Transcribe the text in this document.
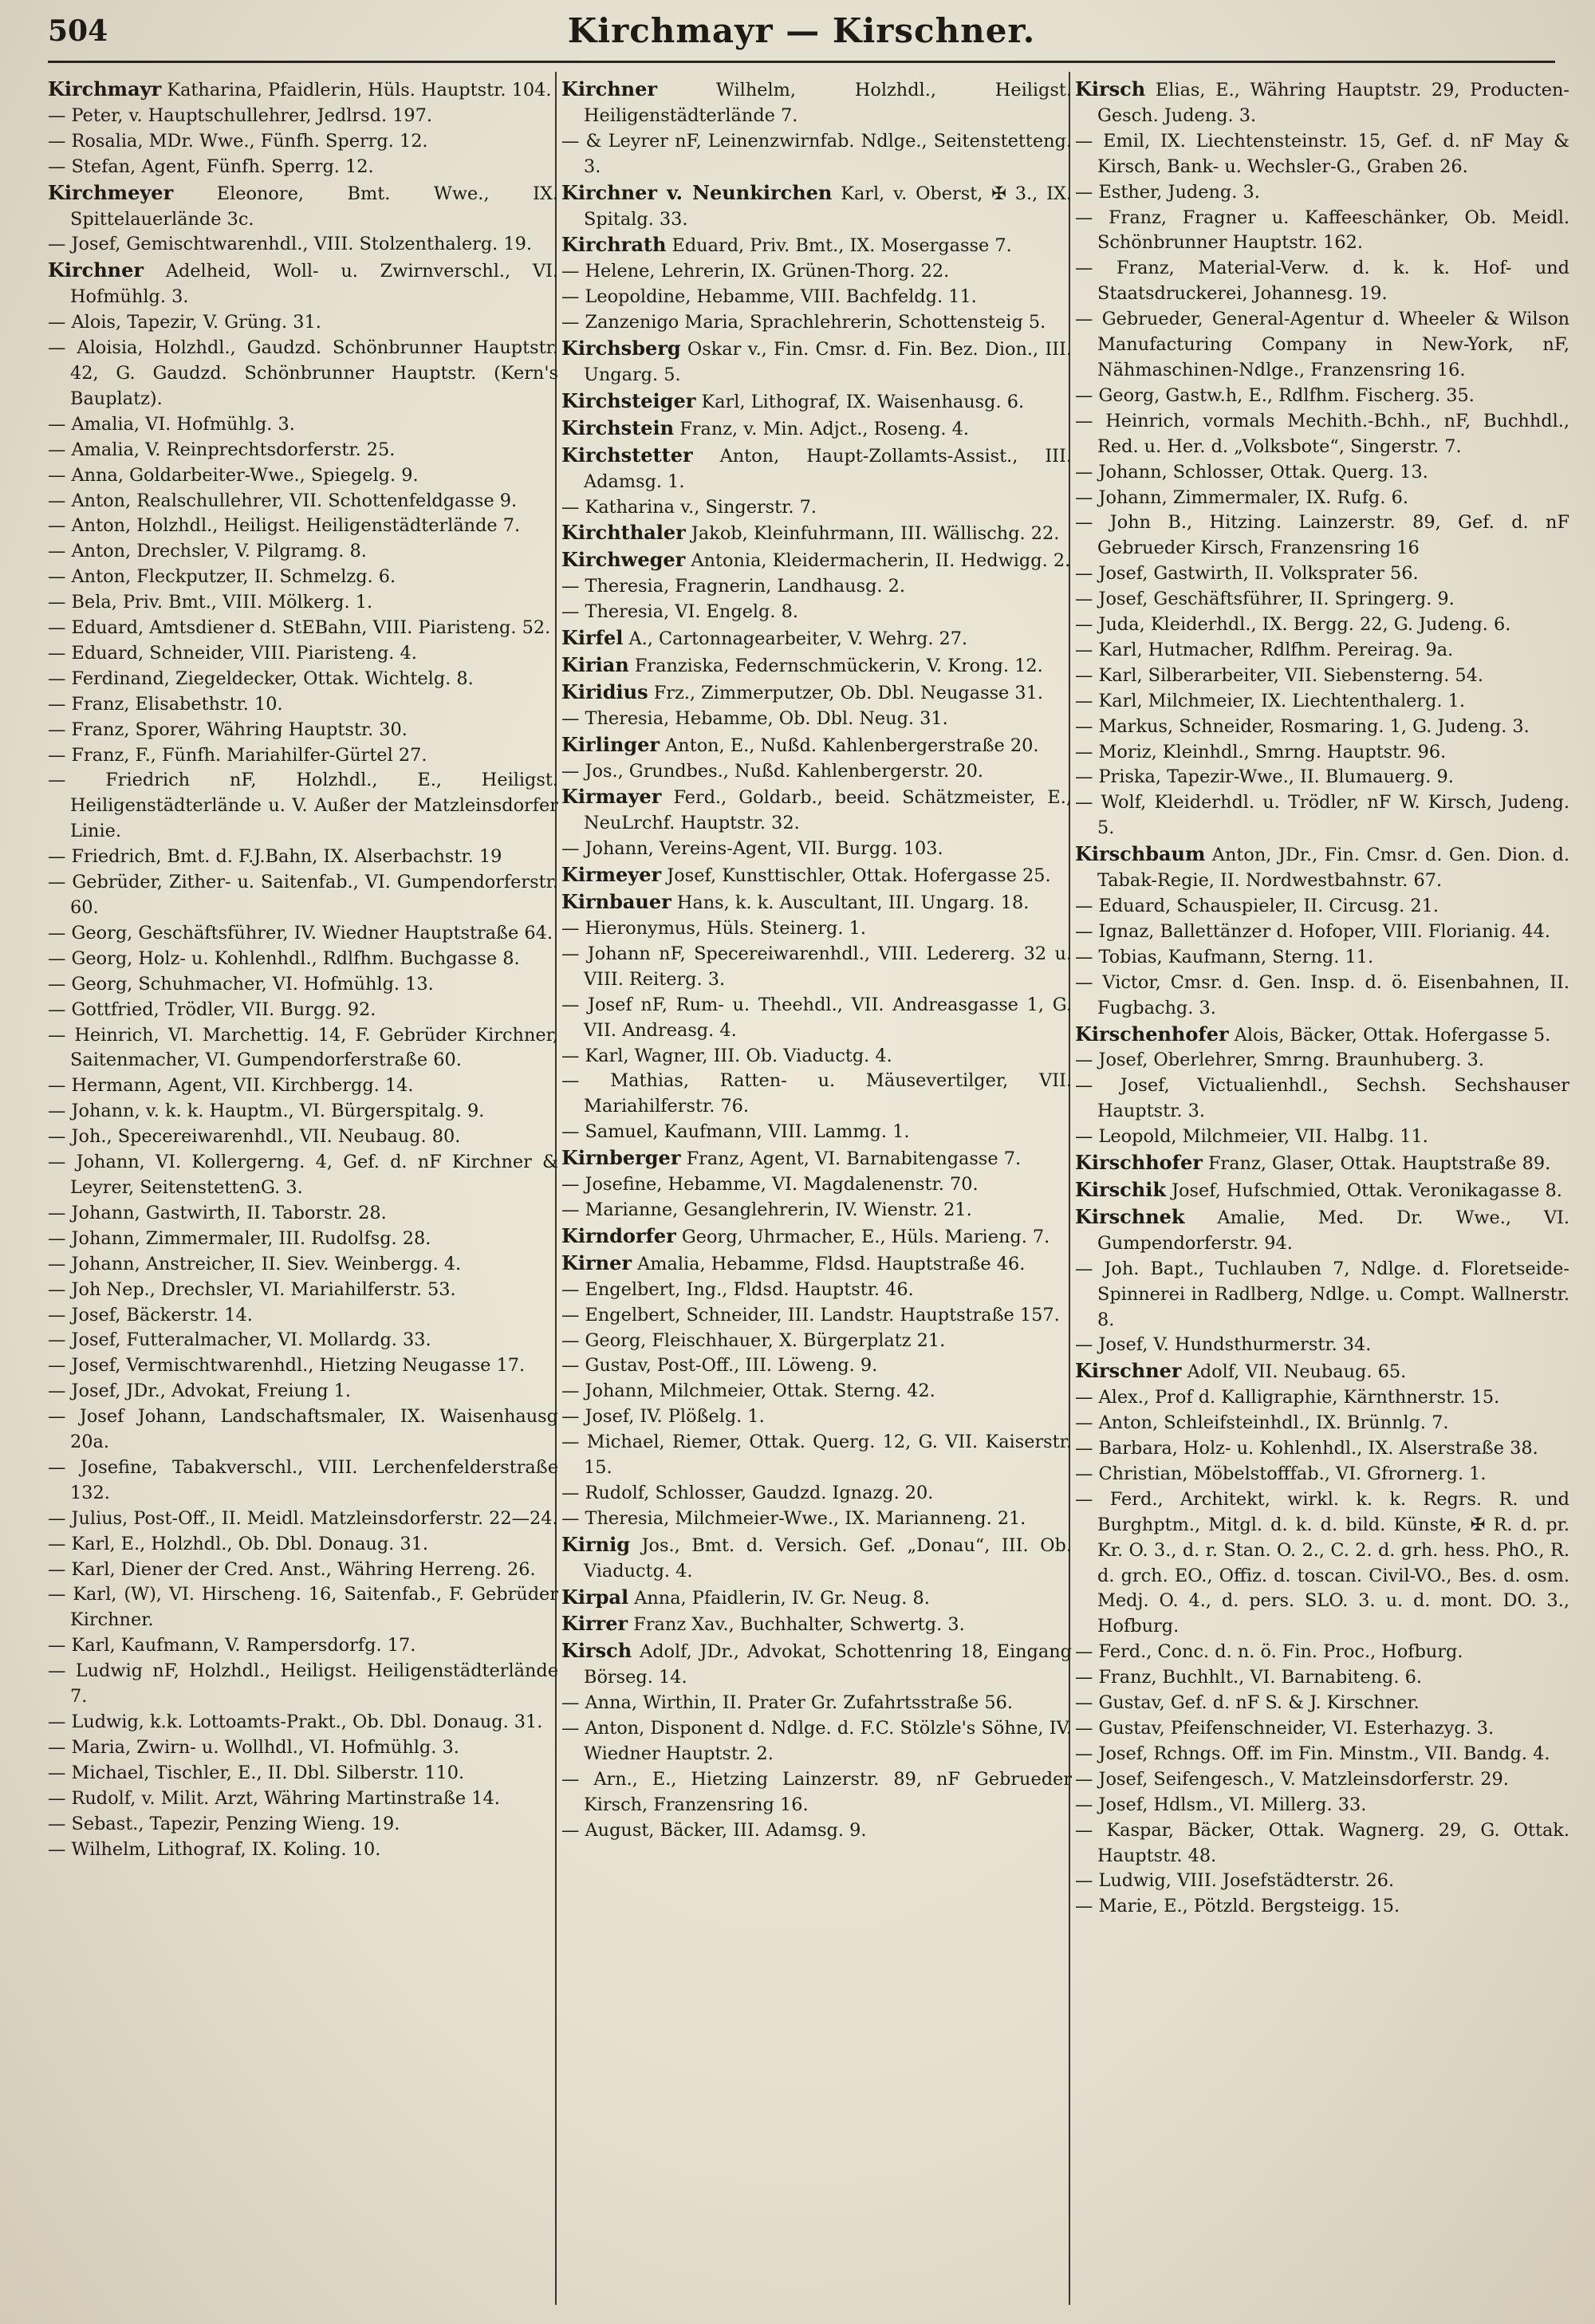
504	Kirchmayr — Kirschner.

Kirchmayr Katharina, Pfaidlerin, Hüls. Hauptstr. 104.

— Peter, v. Hauptschullehrer, Jedlrsd. 197.

— Rosalia, MDr. Wwe., Fünfh. Sperrg. 12.

— Stefan, Agent, Fünfh. Sperrg. 12.

Kirchmeyer Eleonore, Bmt. Wwe., IX. Spittelauerlände 3c.

— Josef, Gemischtwarenhdl., VIII. Stolzenthalerg. 19.

Kirchner Adelheid, Woll- u. Zwirnverschl., VI. Hofmühlg. 3.

— Alois, Tapezir, V. Grüng. 31.

— Aloisia, Holzhdl., Gaudzd. Schönbrunner Hauptstr. 42, G. Gaudzd. Schönbrunner Hauptstr. (Kern's Bauplatz).

— Amalia, VI. Hofmühlg. 3.

— Amalia, V. Reinprechtsdorferstr. 25.

— Anna, Goldarbeiter-Wwe., Spiegelg. 9.

— Anton, Realschullehrer, VII. Schottenfeldgasse 9.

— Anton, Holzhdl., Heiligst. Heiligenstädterlände 7.

— Anton, Drechsler, V. Pilgramg. 8.

— Anton, Fleckputzer, II. Schmelzg. 6.

— Bela, Priv. Bmt., VIII. Mölkerg. 1.

— Eduard, Amtsdiener d. StEBahn, VIII. Piaristeng. 52.

— Eduard, Schneider, VIII. Piaristeng. 4.

— Ferdinand, Ziegeldecker, Ottak. Wichtelg. 8.

— Franz, Elisabethstr. 10.

— Franz, Sporer, Währing Hauptstr. 30.

— Franz, F., Fünfh. Mariahilfer-Gürtel 27.

— Friedrich nF, Holzhdl., E., Heiligst. Heiligenstädterlände u. V. Außer der Matzleinsdorfer Linie.

— Friedrich, Bmt. d. F.J.Bahn, IX. Alserbachstr. 19

— Gebrüder, Zither- u. Saitenfab., VI. Gumpendorferstr. 60.

— Georg, Geschäftsführer, IV. Wiedner Hauptstraße 64.

— Georg, Holz- u. Kohlenhdl., Rdlfhm. Buchgasse 8.

— Georg, Schuhmacher, VI. Hofmühlg. 13.

— Gottfried, Trödler, VII. Burgg. 92.

— Heinrich, VI. Marchettig. 14, F. Gebrüder Kirchner, Saitenmacher, VI. Gumpendorferstraße 60.

— Hermann, Agent, VII. Kirchbergg. 14.

— Johann, v. k. k. Hauptm., VI. Bürgerspitalg. 9.

— Joh., Specereiwarenhdl., VII. Neubaug. 80.

— Johann, VI. Kollergerng. 4, Gef. d. nF Kirchner & Leyrer, SeitenstettenG. 3.

— Johann, Gastwirth, II. Taborstr. 28.

— Johann, Zimmermaler, III. Rudolfsg. 28.

— Johann, Anstreicher, II. Siev. Weinbergg. 4.

— Joh Nep., Drechsler, VI. Mariahilferstr. 53.

— Josef, Bäckerstr. 14.

— Josef, Futteralmacher, VI. Mollardg. 33.

— Josef, Vermischtwarenhdl., Hietzing Neugasse 17.

— Josef, JDr., Advokat, Freiung 1.

— Josef Johann, Landschaftsmaler, IX. Waisenhausg 20a.

— Josefine, Tabakverschl., VIII. Lerchenfelderstraße 132.

— Julius, Post-Off., II. Meidl. Matzleinsdorferstr. 22—24.

— Karl, E., Holzhdl., Ob. Dbl. Donaug. 31.

— Karl, Diener der Cred. Anst., Währing Herreng. 26.

— Karl, (W), VI. Hirscheng. 16, Saitenfab., F. Gebrüder Kirchner.

— Karl, Kaufmann, V. Rampersdorfg. 17.

— Ludwig nF, Holzhdl., Heiligst. Heiligenstädterlände 7.

— Ludwig, k.k. Lottoamts-Prakt., Ob. Dbl. Donaug. 31.

— Maria, Zwirn- u. Wollhdl., VI. Hofmühlg. 3.

— Michael, Tischler, E., II. Dbl. Silberstr. 110.

— Rudolf, v. Milit. Arzt, Währing Martinstraße 14.

— Sebast., Tapezir, Penzing Wieng. 19.

— Wilhelm, Lithograf, IX. Koling. 10.

Kirchner Wilhelm, Holzhdl., Heiligst. Heiligenstädterlände 7.

— & Leyrer nF, Leinenzwirnfab. Ndlge., Seitenstetteng. 3.

Kirchner v. Neunkirchen Karl, v. Oberst, ✠ 3., IX. Spitalg. 33.

Kirchrath Eduard, Priv. Bmt., IX. Mosergasse 7.

— Helene, Lehrerin, IX. Grünen-Thorg. 22.

— Leopoldine, Hebamme, VIII. Bachfeldg. 11.

— Zanzenigo Maria, Sprachlehrerin, Schottensteig 5.

Kirchsberg Oskar v., Fin. Cmsr. d. Fin. Bez. Dion., III. Ungarg. 5.

Kirchsteiger Karl, Lithograf, IX. Waisenhausg. 6.

Kirchstein Franz, v. Min. Adjct., Roseng. 4.

Kirchstetter Anton, Haupt-Zollamts-Assist., III. Adamsg. 1.

— Katharina v., Singerstr. 7.

Kirchthaler Jakob, Kleinfuhrmann, III. Wällischg. 22.

Kirchweger Antonia, Kleidermacherin, II. Hedwigg. 2.

— Theresia, Fragnerin, Landhausg. 2.

— Theresia, VI. Engelg. 8.

Kirfel A., Cartonnagearbeiter, V. Wehrg. 27.

Kirian Franziska, Federnschmückerin, V. Krong. 12.

Kiridius Frz., Zimmerputzer, Ob. Dbl. Neugasse 31.

— Theresia, Hebamme, Ob. Dbl. Neug. 31.

Kirlinger Anton, E., Nußd. Kahlenbergerstraße 20.

— Jos., Grundbes., Nußd. Kahlenbergerstr. 20.

Kirmayer Ferd., Goldarb., beeid. Schätzmeister, E., NeuLrchf. Hauptstr. 32.

— Johann, Vereins-Agent, VII. Burgg. 103.

Kirmeyer Josef, Kunsttischler, Ottak. Hofergasse 25.

Kirnbauer Hans, k. k. Auscultant, III. Ungarg. 18.

— Hieronymus, Hüls. Steinerg. 1.

— Johann nF, Specereiwarenhdl., VIII. Ledererg. 32 u. VIII. Reiterg. 3.

— Josef nF, Rum- u. Theehdl., VII. Andreasgasse 1, G. VII. Andreasg. 4.

— Karl, Wagner, III. Ob. Viaductg. 4.

— Mathias, Ratten- u. Mäusevertilger, VII. Mariahilferstr. 76.

— Samuel, Kaufmann, VIII. Lammg. 1.

Kirnberger Franz, Agent, VI. Barnabitengasse 7.

— Josefine, Hebamme, VI. Magdalenenstr. 70.

— Marianne, Gesanglehrerin, IV. Wienstr. 21.

Kirndorfer Georg, Uhrmacher, E., Hüls. Marieng. 7.

Kirner Amalia, Hebamme, Fldsd. Hauptstraße 46.

— Engelbert, Ing., Fldsd. Hauptstr. 46.

— Engelbert, Schneider, III. Landstr. Hauptstraße 157.

— Georg, Fleischhauer, X. Bürgerplatz 21.

— Gustav, Post-Off., III. Löweng. 9.

— Johann, Milchmeier, Ottak. Sterng. 42.

— Josef, IV. Plößelg. 1.

— Michael, Riemer, Ottak. Querg. 12, G. VII. Kaiserstr. 15.

— Rudolf, Schlosser, Gaudzd. Ignazg. 20.

— Theresia, Milchmeier-Wwe., IX. Marianneng. 21.

Kirnig Jos., Bmt. d. Versich. Gef. „Donau“, III. Ob. Viaductg. 4.

Kirpal Anna, Pfaidlerin, IV. Gr. Neug. 8.

Kirrer Franz Xav., Buchhalter, Schwertg. 3.

Kirsch Adolf, JDr., Advokat, Schottenring 18, Eingang Börseg. 14.

— Anna, Wirthin, II. Prater Gr. Zufahrtsstraße 56.

— Anton, Disponent d. Ndlge. d. F.C. Stölzle's Söhne, IV. Wiedner Hauptstr. 2.

— Arn., E., Hietzing Lainzerstr. 89, nF Gebrueder Kirsch, Franzensring 16.

— August, Bäcker, III. Adamsg. 9.

Kirsch Elias, E., Währing Hauptstr. 29, Producten-Gesch. Judeng. 3.

— Emil, IX. Liechtensteinstr. 15, Gef. d. nF May & Kirsch, Bank- u. Wechsler-G., Graben 26.

— Esther, Judeng. 3.

— Franz, Fragner u. Kaffeeschänker, Ob. Meidl. Schönbrunner Hauptstr. 162.

— Franz, Material-Verw. d. k. k. Hof- und Staatsdruckerei, Johannesg. 19.

— Gebrueder, General-Agentur d. Wheeler & Wilson Manufacturing Company in New-York, nF, Nähmaschinen-Ndlge., Franzensring 16.

— Georg, Gastw.h, E., Rdlfhm. Fischerg. 35.

— Heinrich, vormals Mechith.-Bchh., nF, Buchhdl., Red. u. Her. d. „Volksbote“, Singerstr. 7.

— Johann, Schlosser, Ottak. Querg. 13.

— Johann, Zimmermaler, IX. Rufg. 6.

— John B., Hitzing. Lainzerstr. 89, Gef. d. nF Gebrueder Kirsch, Franzensring 16

— Josef, Gastwirth, II. Volksprater 56.

— Josef, Geschäftsführer, II. Springerg. 9.

— Juda, Kleiderhdl., IX. Bergg. 22, G. Judeng. 6.

— Karl, Hutmacher, Rdlfhm. Pereirag. 9a.

— Karl, Silberarbeiter, VII. Siebensterng. 54.

— Karl, Milchmeier, IX. Liechtenthalerg. 1.

— Markus, Schneider, Rosmaring. 1, G. Judeng. 3.

— Moriz, Kleinhdl., Smrng. Hauptstr. 96.

— Priska, Tapezir-Wwe., II. Blumauerg. 9.

— Wolf, Kleiderhdl. u. Trödler, nF W. Kirsch, Judeng. 5.

Kirschbaum Anton, JDr., Fin. Cmsr. d. Gen. Dion. d. Tabak-Regie, II. Nordwestbahnstr. 67.

— Eduard, Schauspieler, II. Circusg. 21.

— Ignaz, Ballettänzer d. Hofoper, VIII. Florianig. 44.

— Tobias, Kaufmann, Sterng. 11.

— Victor, Cmsr. d. Gen. Insp. d. ö. Eisenbahnen, II. Fugbachg. 3.

Kirschenhofer Alois, Bäcker, Ottak. Hofergasse 5.

— Josef, Oberlehrer, Smrng. Braunhuberg. 3.

— Josef, Victualienhdl., Sechsh. Sechshauser Hauptstr. 3.

— Leopold, Milchmeier, VII. Halbg. 11.

Kirschhofer Franz, Glaser, Ottak. Hauptstraße 89.

Kirschik Josef, Hufschmied, Ottak. Veronikagasse 8.

Kirschnek Amalie, Med. Dr. Wwe., VI. Gumpendorferstr. 94.

— Joh. Bapt., Tuchlauben 7, Ndlge. d. Floretseide-Spinnerei in Radlberg, Ndlge. u. Compt. Wallnerstr. 8.

— Josef, V. Hundsthurmerstr. 34.

Kirschner Adolf, VII. Neubaug. 65.

— Alex., Prof d. Kalligraphie, Kärnthnerstr. 15.

— Anton, Schleifsteinhdl., IX. Brünnlg. 7.

— Barbara, Holz- u. Kohlenhdl., IX. Alserstraße 38.

— Christian, Möbelstofffab., VI. Gfrornerg. 1.

— Ferd., Architekt, wirkl. k. k. Regrs. R. und Burghptm., Mitgl. d. k. d. bild. Künste, ✠ R. d. pr. Kr. O. 3., d. r. Stan. O. 2., C. 2. d. grh. hess. PhO., R. d. grch. EO., Offiz. d. toscan. Civil-VO., Bes. d. osm. Medj. O. 4., d. pers. SLO. 3. u. d. mont. DO. 3., Hofburg.

— Ferd., Conc. d. n. ö. Fin. Proc., Hofburg.

— Franz, Buchhlt., VI. Barnabiteng. 6.

— Gustav, Gef. d. nF S. & J. Kirschner.

— Gustav, Pfeifenschneider, VI. Esterhazyg. 3.

— Josef, Rchngs. Off. im Fin. Minstm., VII. Bandg. 4.

— Josef, Seifengesch., V. Matzleinsdorferstr. 29.

— Josef, Hdlsm., VI. Millerg. 33.

— Kaspar, Bäcker, Ottak. Wagnerg. 29, G. Ottak. Hauptstr. 48.

— Ludwig, VIII. Josefstädterstr. 26.

— Marie, E., Pötzld. Bergsteigg. 15.
